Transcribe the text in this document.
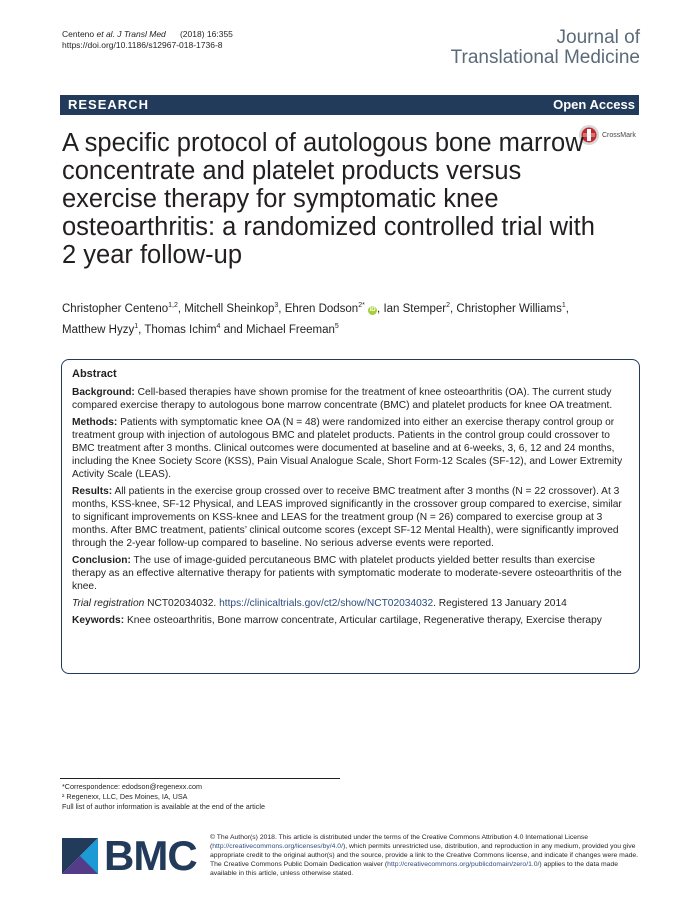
Centeno et al. J Transl Med (2018) 16:355
https://doi.org/10.1186/s12967-018-1736-8	Journal of
Translational Medicine
RESEARCH	Open Access
CrossMark
A specific protocol of autologous bone marrow concentrate and platelet products versus exercise therapy for symptomatic knee osteoarthritis: a randomized controlled trial with 2 year follow-up
Christopher Centeno$^{1,2}$, Mitchell Sheinkop$^3$, Ehren Dodson$^{2*}$ iD , Ian Stemper$^2$, Christopher Williams$^1$,
Matthew Hyzy$^1$, Thomas Ichim$^4$ and Michael Freeman$^5$
Abstract

Background: Cell-based therapies have shown promise for the treatment of knee osteoarthritis (OA). The current study compared exercise therapy to autologous bone marrow concentrate (BMC) and platelet products for knee OA treatment.

Methods: Patients with symptomatic knee OA (N = 48) were randomized into either an exercise therapy control group or treatment group with injection of autologous BMC and platelet products. Patients in the control group could crossover to BMC treatment after 3 months. Clinical outcomes were documented at baseline and at 6-weeks, 3, 6, 12 and 24 months, including the Knee Society Score (KSS), Pain Visual Analogue Scale, Short Form-12 Scales (SF-12), and Lower Extremity Activity Scale (LEAS).

Results: All patients in the exercise group crossed over to receive BMC treatment after 3 months (N = 22 crossover). At 3 months, KSS-knee, SF-12 Physical, and LEAS improved significantly in the crossover group compared to exercise, similar to significant improvements on KSS-knee and LEAS for the treatment group (N = 26) compared to exercise group at 3 months. After BMC treatment, patients’ clinical outcome scores (except SF-12 Mental Health), were significantly improved through the 2-year follow-up compared to baseline. No serious adverse events were reported.

Conclusion: The use of image-guided percutaneous BMC with platelet products yielded better results than exercise therapy as an effective alternative therapy for patients with symptomatic moderate to moderate-severe osteoarthritis of the knee.

Trial registration NCT02034032. https://clinicaltrials.gov/ct2/show/NCT02034032. Registered 13 January 2014

Keywords: Knee osteoarthritis, Bone marrow concentrate, Articular cartilage, Regenerative therapy, Exercise therapy

*Correspondence: edodson@regenexx.com
² Regenexx, LLC, Des Moines, IA, USA
Full list of author information is available at the end of the article
BMC © The Author(s) 2018. This article is distributed under the terms of the Creative Commons Attribution 4.0 International License (http://creativecommons.org/licenses/by/4.0/), which permits unrestricted use, distribution, and reproduction in any medium, provided you give appropriate credit to the original author(s) and the source, provide a link to the Creative Commons license, and indicate if changes were made. The Creative Commons Public Domain Dedication waiver (http://creativecommons.org/publicdomain/zero/1.0/) applies to the data made available in this article, unless otherwise stated.
